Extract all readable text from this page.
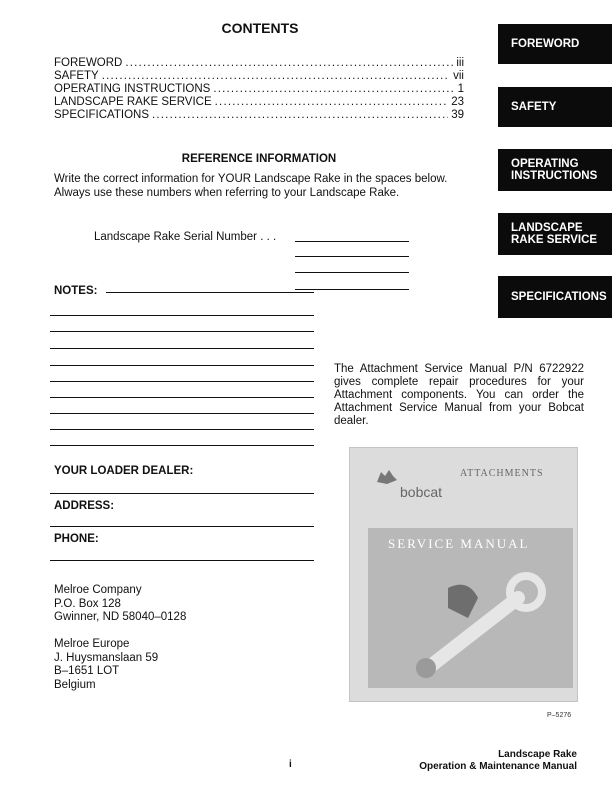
CONTENTS
FOREWORD .....	iii
SAFETY .....	vii
OPERATING INSTRUCTIONS .....	1
LANDSCAPE RAKE SERVICE .....	23
SPECIFICATIONS .....	39
REFERENCE INFORMATION
Write the correct information for YOUR Landscape Rake in the spaces below. Always use these numbers when referring to your Landscape Rake.
Landscape Rake Serial Number . . .
NOTES:
YOUR LOADER DEALER:
ADDRESS:
PHONE:
Melroe Company
P.O. Box 128
Gwinner, ND 58040–0128
Melroe Europe
J. Huysmanslaan 59
B–1651 LOT
Belgium
FOREWORD
SAFETY
OPERATING
INSTRUCTIONS
LANDSCAPE
RAKE SERVICE
SPECIFICATIONS
The Attachment Service Manual P/N 6722922 gives complete repair procedures for your Attachment components. You can order the Attachment Service Manual from your Bobcat dealer.
ATTACHMENTS
bobcat
SERVICE MANUAL
P–5276
i
Landscape Rake
Operation & Maintenance Manual
